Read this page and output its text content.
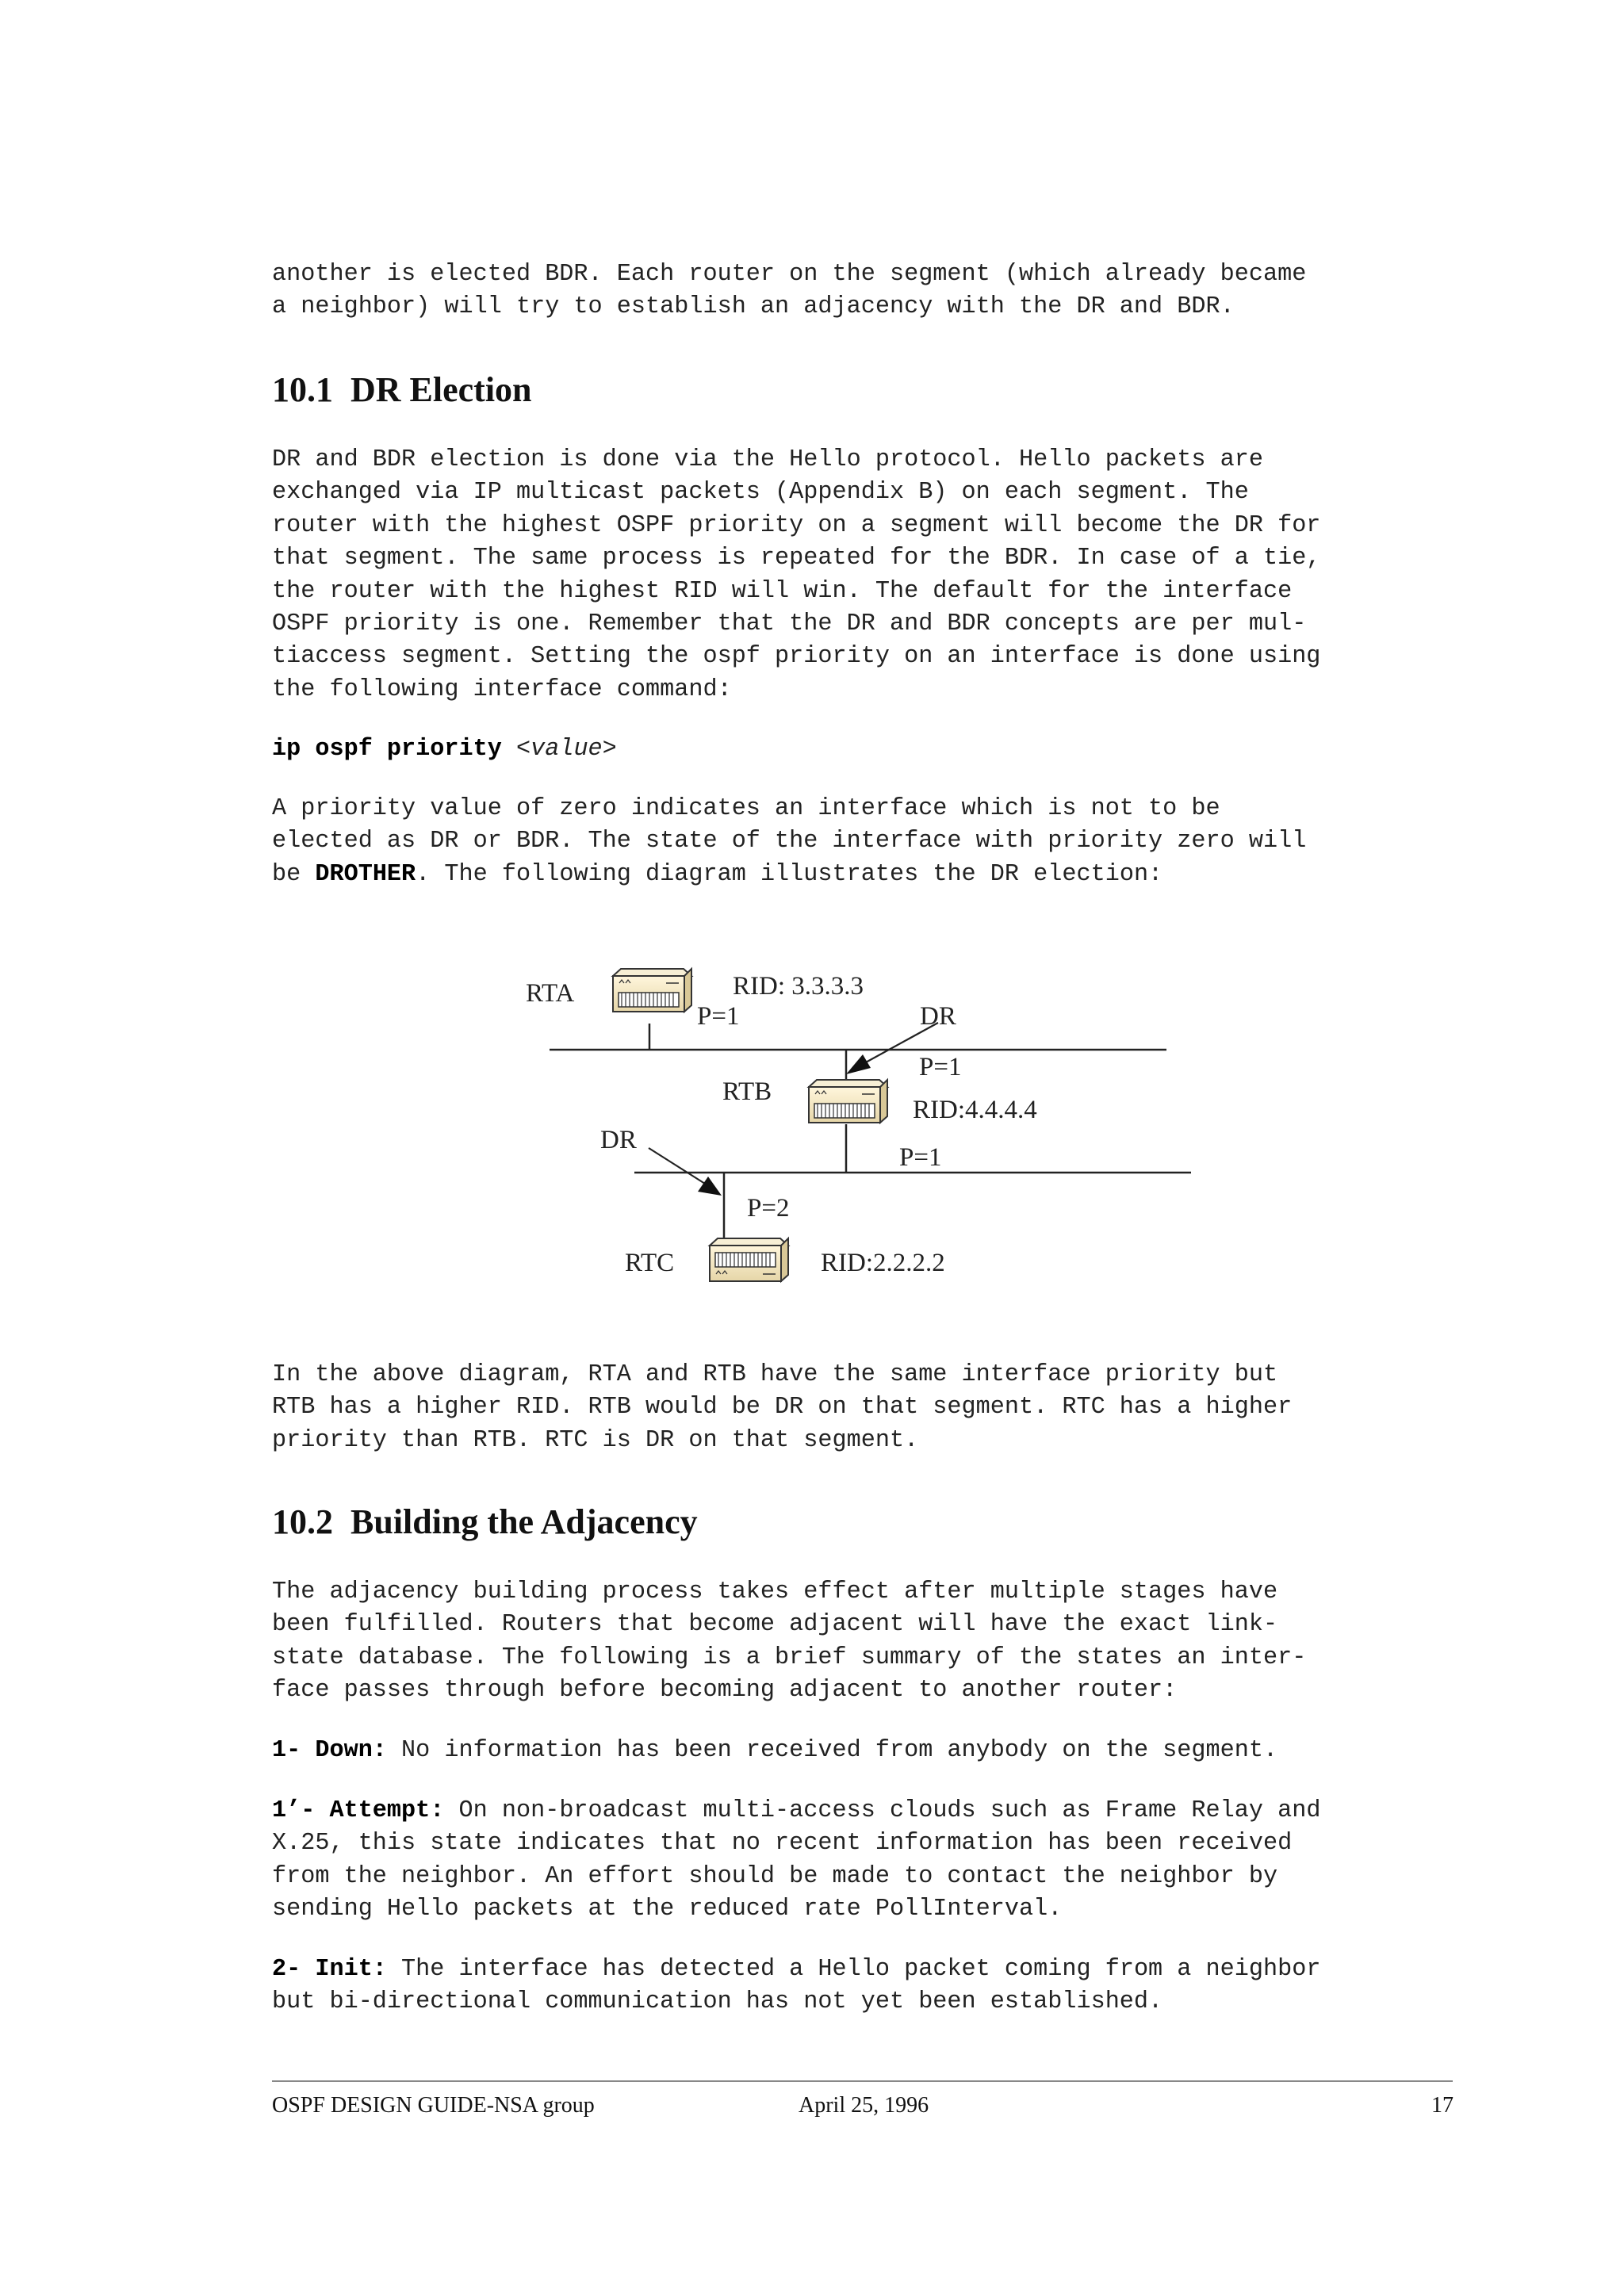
another is elected BDR. Each router on the segment (which already became
a neighbor) will try to establish an adjacency with the DR and BDR.
10.1  DR Election
DR and BDR election is done via the Hello protocol. Hello packets are
exchanged via IP multicast packets (Appendix B) on each segment. The
router with the highest OSPF priority on a segment will become the DR for
that segment. The same process is repeated for the BDR. In case of a tie,
the router with the highest RID will win. The default for the interface
OSPF priority is one. Remember that the DR and BDR concepts are per mul-
tiaccess segment. Setting the ospf priority on an interface is done using
the following interface command:
ip ospf priority <value>
A priority value of zero indicates an interface which is not to be
elected as DR or BDR. The state of the interface with priority zero will
be DROTHER. The following diagram illustrates the DR election:
RTA	RID: 3.3.3.3
P=1	DR
P=1
RTB
RID:4.4.4.4
DR
P=1
P=2
RTC	RID:2.2.2.2
In the above diagram, RTA and RTB have the same interface priority but
RTB has a higher RID. RTB would be DR on that segment. RTC has a higher
priority than RTB. RTC is DR on that segment.
10.2  Building the Adjacency
The adjacency building process takes effect after multiple stages have
been fulfilled. Routers that become adjacent will have the exact link-
state database. The following is a brief summary of the states an inter-
face passes through before becoming adjacent to another router:
1- Down: No information has been received from anybody on the segment.
1’- Attempt: On non-broadcast multi-access clouds such as Frame Relay and
X.25, this state indicates that no recent information has been received
from the neighbor. An effort should be made to contact the neighbor by
sending Hello packets at the reduced rate PollInterval.
2- Init: The interface has detected a Hello packet coming from a neighbor
but bi-directional communication has not yet been established.
OSPF DESIGN GUIDE-NSA group	April 25, 1996	17
